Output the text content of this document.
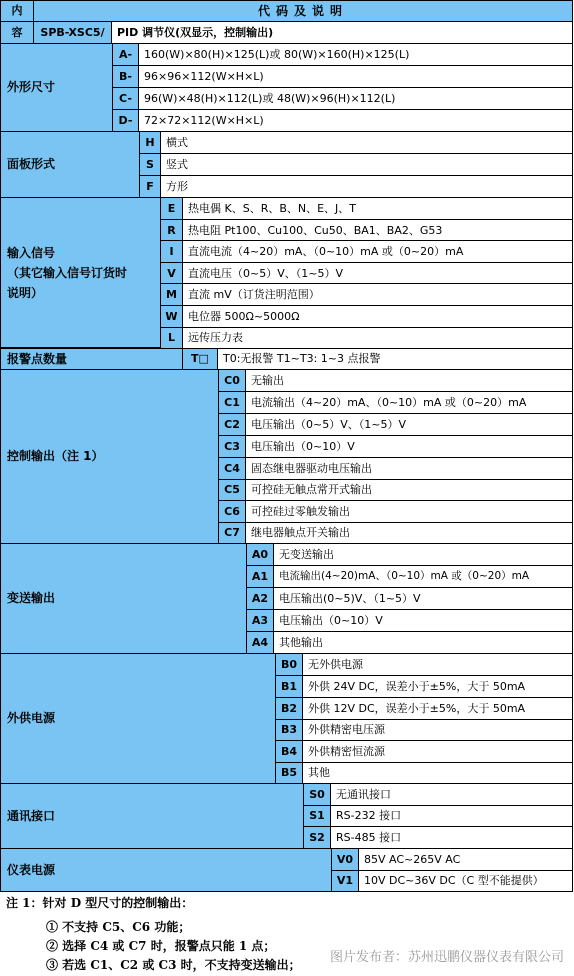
内	代码及说明
容	SPB-XSC5/	PID 调节仪(双显示，控制输出)
外形尺寸
A-	160(W)×80(H)×125(L)或 80(W)×160(H)×125(L)
B-	96×96×112(W×H×L)
C-	96(W)×48(H)×112(L)或 48(W)×96(H)×112(L)
D-	72×72×112(W×H×L)
面板形式
H	横式
S	竖式
F	方形
输入信号
（其它输入信号订货时
说明）
E	热电偶 K、S、R、B、N、E、J、T
R	热电阻 Pt100、Cu100、Cu50、BA1、BA2、G53
I	直流电流（4~20）mA、（0~10）mA 或（0~20）mA
V	直流电压（0~5）V、（1~5）V
M	直流 mV（订货注明范围）
W 电位器 500Ω~5000Ω
L	远传压力表
报警点数量	T□	T0:无报警 T1~T3: 1~3 点报警
控制输出（注 1）
C0	无输出
C1	电流输出（4~20）mA、（0~10）mA 或（0~20）mA
C2	电压输出（0~5）V、（1~5）V
C3	电压输出（0~10）V
C4	固态继电器驱动电压输出
C5	可控硅无触点常开式输出
C6	可控硅过零触发输出
C7	继电器触点开关输出
变送输出
A0 无变送输出
A1	电流输出(4~20)mA、（0~10）mA 或（0~20）mA
A2 电压输出(0~5)V、（1~5）V
A3 电压输出（0~10）V
A4 其他输出
外供电源
B0 无外供电源
B1 外供 24V DC，误差小于±5%，大于 50mA
B2 外供 12V DC，误差小于±5%，大于 50mA
B3 外供精密电压源
B4 外供精密恒流源
B5 其他
通讯接口
S0	无通讯接口
S1	RS-232 接口
S2	RS-485 接口
仪表电源
V0 85V AC~265V AC
V1 10V DC~36V DC（C 型不能提供）
注 1：针对 D 型尺寸的控制输出：
① 不支持 C5、C6 功能；
② 选择 C4 或 C7 时，报警点只能 1 点；
③ 若选 C1、C2 或 C3 时，不支持变送输出； 图片发布者：苏州迅鹏仪器仪表有限公司
